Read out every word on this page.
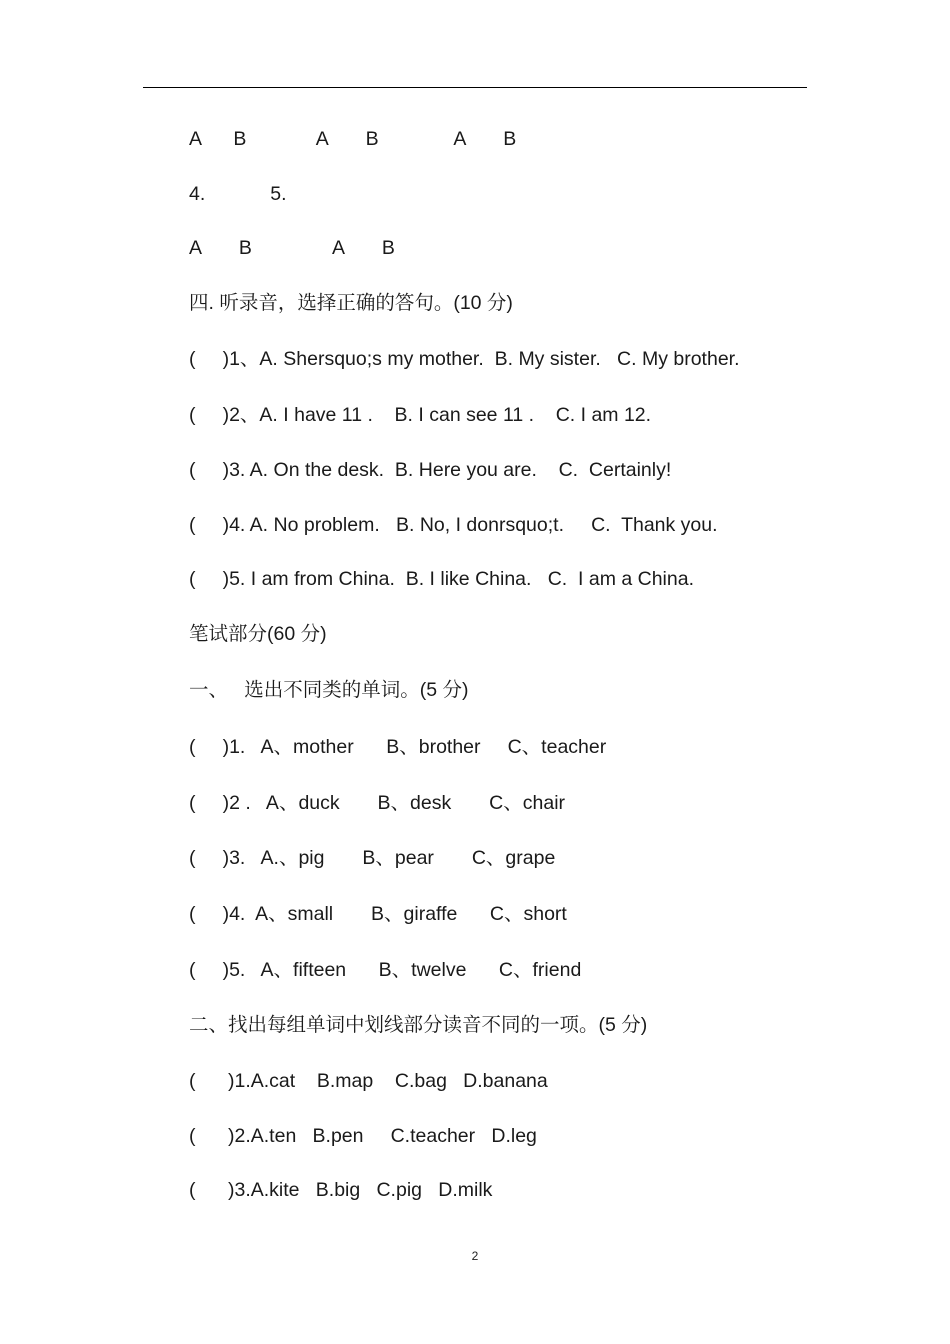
A      B             A       B              A       B
4.            5.
A       B               A       B
四. 听录音，选择正确的答句。(10 分)
(     )1、A. Shersquo;s my mother.  B. My sister.   C. My brother.
(     )2、A. I have 11 .    B. I can see 11 .    C. I am 12.
(     )3. A. On the desk.  B. Here you are.    C.  Certainly!
(     )4. A. No problem.   B. No, I donrsquo;t.     C.  Thank you.
(     )5. I am from China.  B. I like China.   C.  I am a China.
笔试部分(60 分)
一、   选出不同类的单词。(5 分)
(     )1.   A、mother      B、brother     C、teacher
(     )2 .   A、duck       B、desk       C、chair
(     )3.   A.、pig       B、pear       C、grape
(     )4.  A、small       B、giraffe      C、short
(     )5.   A、fifteen      B、twelve      C、friend
二、找出每组单词中划线部分读音不同的一项。(5 分)
(      )1.A.cat    B.map    C.bag   D.banana
(      )2.A.ten   B.pen     C.teacher   D.leg
(      )3.A.kite   B.big   C.pig   D.milk
2
